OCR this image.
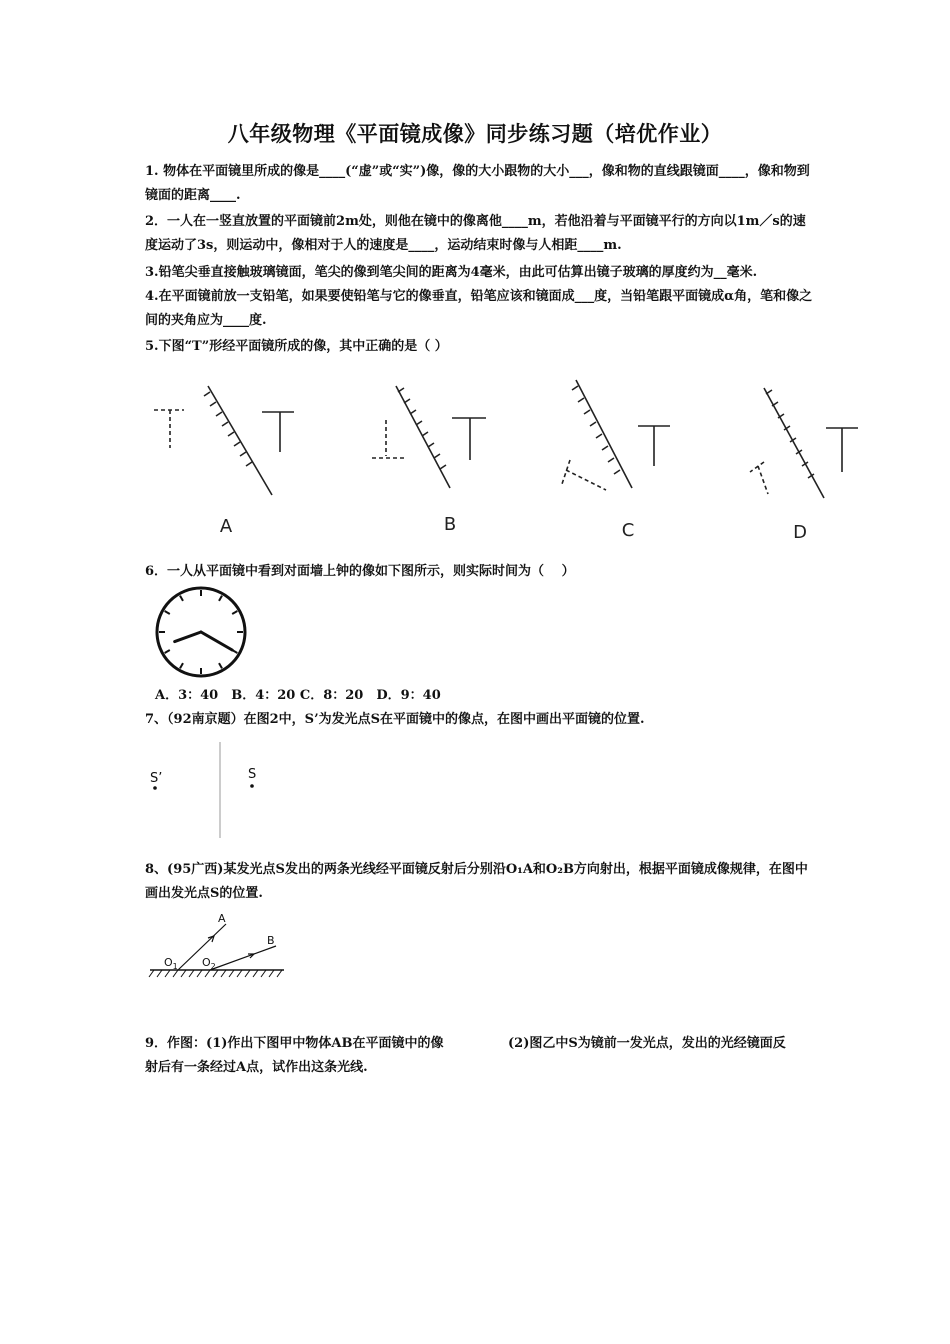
八年级物理《平面镜成像》同步练习题（培优作业）
1. 物体在平面镜里所成的像是____(“虚”或“实”)像，像的大小跟物的大小___，像和物的直线跟镜面____，像和物到镜面的距离____.
2．一人在一竖直放置的平面镜前2m处，则他在镜中的像离他____m，若他沿着与平面镜平行的方向以1m／s的速度运动了3s，则运动中，像相对于人的速度是____，运动结束时像与人相距____m.
3.铅笔尖垂直接触玻璃镜面，笔尖的像到笔尖间的距离为4毫米，由此可估算出镜子玻璃的厚度约为__毫米.
4.在平面镜前放一支铅笔，如果要使铅笔与它的像垂直，铅笔应该和镜面成___度，当铅笔跟平面镜成α角，笔和像之间的夹角应为____度.
5.下图“T”形经平面镜所成的像，其中正确的是（ ）
A	B	C	D
6．一人从平面镜中看到对面墙上钟的像如下图所示，则实际时间为（　 ）
A．3：40　B．4：20 C．8：20　D．9：40
7、（92南京题）在图2中，S’为发光点S在平面镜中的像点，在图中画出平面镜的位置.
S’	S
8、(95广西)某发光点S发出的两条光线经平面镜反射后分别沿O₁A和O₂B方向射出，根据平面镜成像规律，在图中画出发光点S的位置.
A
B
$O_1$ $O_2$
9．作图：(1)作出下图甲中物体AB在平面镜中的像	(2)图乙中S为镜前一发光点，发出的光经镜面反
射后有一条经过A点，试作出这条光线.
